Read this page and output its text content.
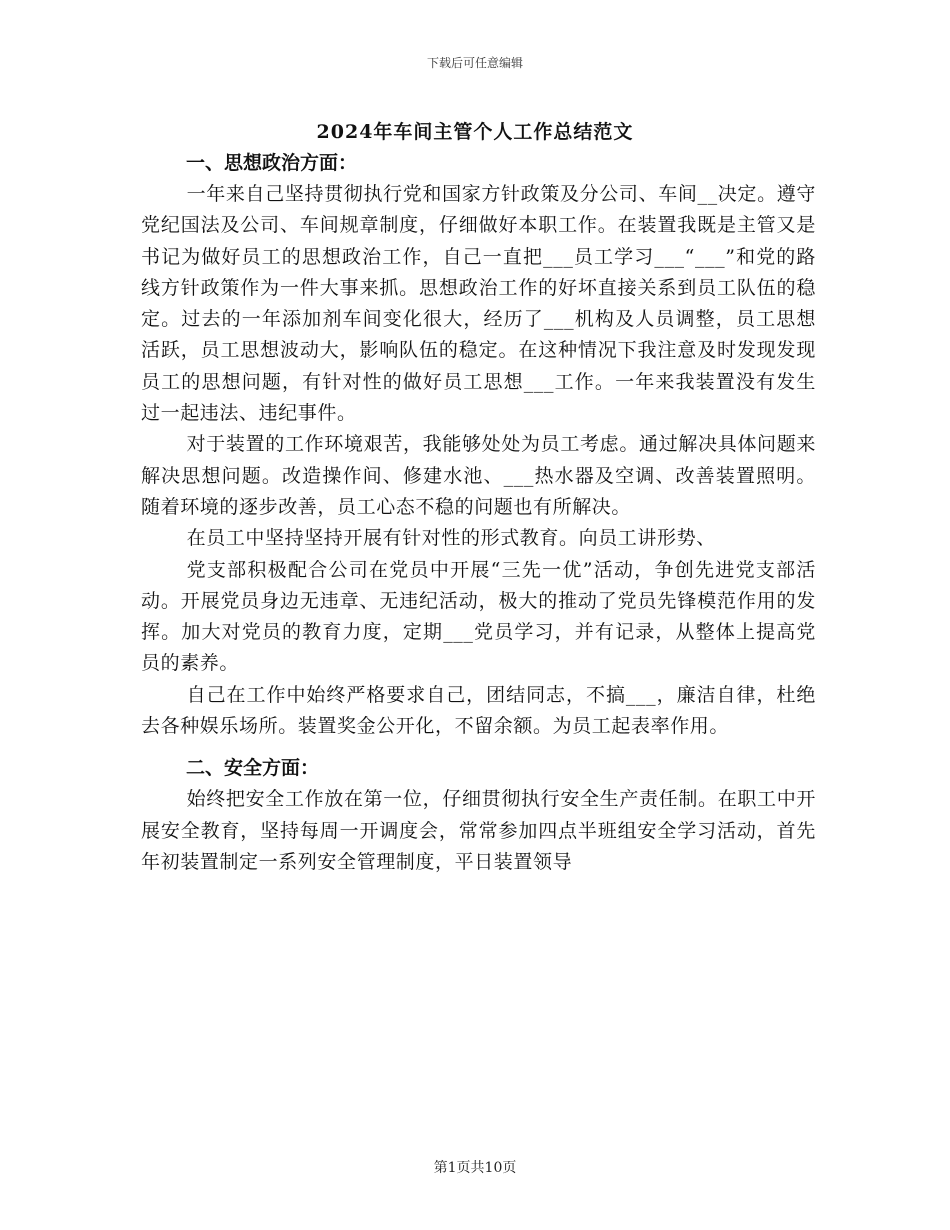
下载后可任意编辑
2024年车间主管个人工作总结范文

一、思想政治方面：

一年来自己坚持贯彻执行党和国家方针政策及分公司、车间__决定。遵守党纪国法及公司、车间规章制度，仔细做好本职工作。在装置我既是主管又是书记为做好员工的思想政治工作，自己一直把___员工学习___“___”和党的路线方针政策作为一件大事来抓。思想政治工作的好坏直接关系到员工队伍的稳定。过去的一年添加剂车间变化很大，经历了___机构及人员调整，员工思想活跃，员工思想波动大，影响队伍的稳定。在这种情况下我注意及时发现发现员工的思想问题，有针对性的做好员工思想___工作。一年来我装置没有发生过一起违法、违纪事件。

对于装置的工作环境艰苦，我能够处处为员工考虑。通过解决具体问题来解决思想问题。改造操作间、修建水池、___热水器及空调、改善装置照明。随着环境的逐步改善，员工心态不稳的问题也有所解决。

在员工中坚持坚持开展有针对性的形式教育。向员工讲形势、

党支部积极配合公司在党员中开展“三先一优”活动，争创先进党支部活动。开展党员身边无违章、无违纪活动，极大的推动了党员先锋模范作用的发挥。加大对党员的教育力度，定期___党员学习，并有记录，从整体上提高党员的素养。

自己在工作中始终严格要求自己，团结同志，不搞___，廉洁自律，杜绝去各种娱乐场所。装置奖金公开化，不留余额。为员工起表率作用。

二、安全方面：

始终把安全工作放在第一位，仔细贯彻执行安全生产责任制。在职工中开展安全教育，坚持每周一开调度会，常常参加四点半班组安全学习活动，首先年初装置制定一系列安全管理制度，平日装置领导

第1页共10页
